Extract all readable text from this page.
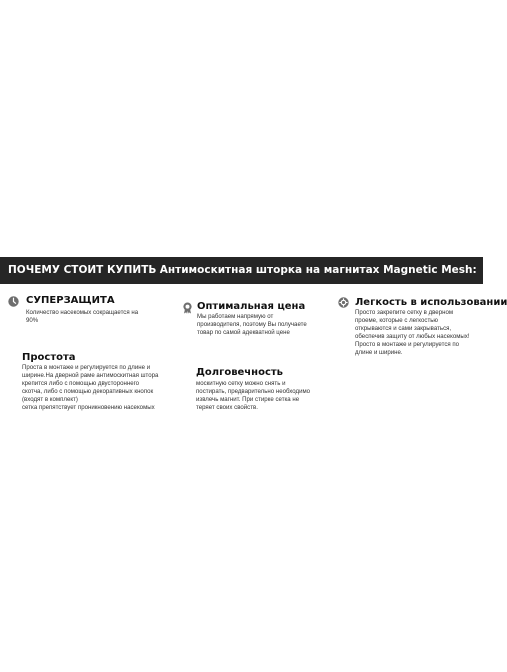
ПОЧЕМУ СТОИТ КУПИТЬ Антимоскитная шторка на магнитах Magnetic Mesh:
СУПЕРЗАЩИТА
Количество насекомых сокращается на
90%
Оптимальная цена
Мы работаем напрямую от
производителя, поэтому Вы получаете
товар по самой адекватной цене
Легкость в использовании
Просто закрепите сетку в дверном
проеме, которые с легкостью
открываются и сами закрываться,
обеспечив защиту от любых насекомых!
Просто в монтаже и регулируется по
длине и ширине.
Простота
Проста в монтаже и регулируется по длине и
ширине.На дверной раме антимоскитная штора
крепится либо с помощью двустороннего
скотча, либо с помощью декоративных кнопок
(входят в комплект)
сетка препятствует проникновению насекомых
Долговечность
москитную сетку можно снять и
постирать, предварительно необходимо
извлечь магнит. При стирке сетка не
теряет своих свойств.
